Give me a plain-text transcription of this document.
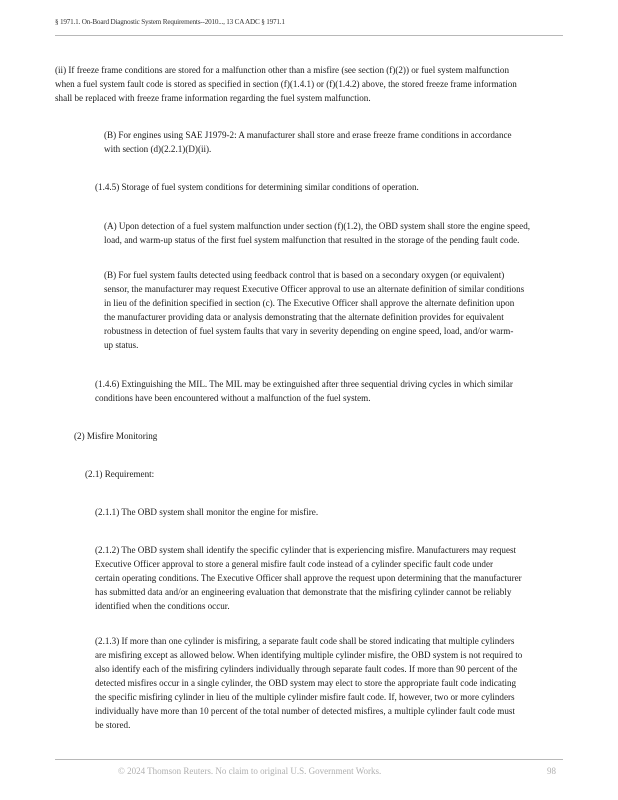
§ 1971.1. On-Board Diagnostic System Requirements--2010..., 13 CA ADC § 1971.1

(ii) If freeze frame conditions are stored for a malfunction other than a misfire (see section (f)(2)) or fuel system malfunction
when a fuel system fault code is stored as specified in section (f)(1.4.1) or (f)(1.4.2) above, the stored freeze frame information
shall be replaced with freeze frame information regarding the fuel system malfunction.

(B) For engines using SAE J1979-2: A manufacturer shall store and erase freeze frame conditions in accordance
with section (d)(2.2.1)(D)(ii).

(1.4.5) Storage of fuel system conditions for determining similar conditions of operation.

(A) Upon detection of a fuel system malfunction under section (f)(1.2), the OBD system shall store the engine speed,
load, and warm-up status of the first fuel system malfunction that resulted in the storage of the pending fault code.

(B) For fuel system faults detected using feedback control that is based on a secondary oxygen (or equivalent)
sensor, the manufacturer may request Executive Officer approval to use an alternate definition of similar conditions
in lieu of the definition specified in section (c). The Executive Officer shall approve the alternate definition upon
the manufacturer providing data or analysis demonstrating that the alternate definition provides for equivalent
robustness in detection of fuel system faults that vary in severity depending on engine speed, load, and/or warm-
up status.

(1.4.6) Extinguishing the MIL. The MIL may be extinguished after three sequential driving cycles in which similar
conditions have been encountered without a malfunction of the fuel system.

(2) Misfire Monitoring

(2.1) Requirement:

(2.1.1) The OBD system shall monitor the engine for misfire.

(2.1.2) The OBD system shall identify the specific cylinder that is experiencing misfire. Manufacturers may request
Executive Officer approval to store a general misfire fault code instead of a cylinder specific fault code under
certain operating conditions. The Executive Officer shall approve the request upon determining that the manufacturer
has submitted data and/or an engineering evaluation that demonstrate that the misfiring cylinder cannot be reliably
identified when the conditions occur.

(2.1.3) If more than one cylinder is misfiring, a separate fault code shall be stored indicating that multiple cylinders
are misfiring except as allowed below. When identifying multiple cylinder misfire, the OBD system is not required to
also identify each of the misfiring cylinders individually through separate fault codes. If more than 90 percent of the
detected misfires occur in a single cylinder, the OBD system may elect to store the appropriate fault code indicating
the specific misfiring cylinder in lieu of the multiple cylinder misfire fault code. If, however, two or more cylinders
individually have more than 10 percent of the total number of detected misfires, a multiple cylinder fault code must
be stored.

© 2024 Thomson Reuters. No claim to original U.S. Government Works.	98
